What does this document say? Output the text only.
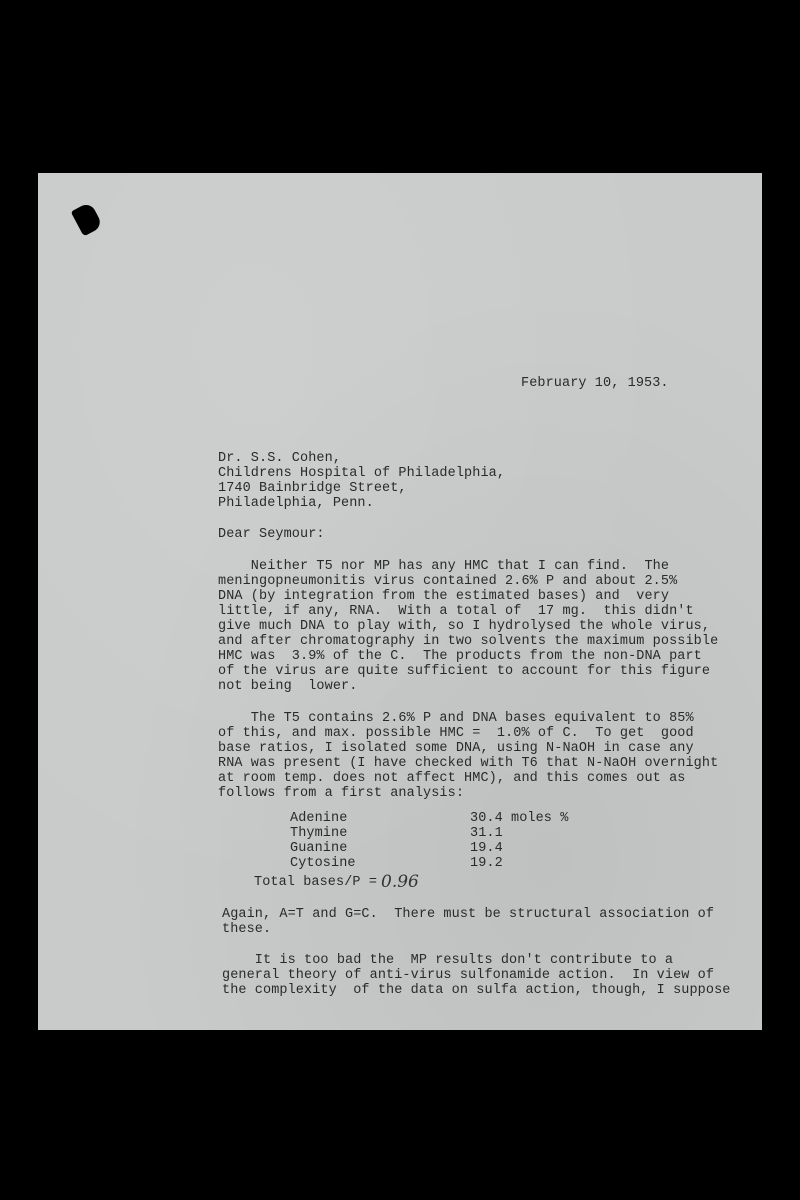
February 10, 1953.
Dr. S.S. Cohen,
Childrens Hospital of Philadelphia,
1740 Bainbridge Street,
Philadelphia, Penn.
Dear Seymour:
Neither T5 nor MP has any HMC that I can find.  The
meningopneumonitis virus contained 2.6% P and about 2.5%
DNA (by integration from the estimated bases) and  very
little, if any, RNA.  With a total of  17 mg.  this didn't
give much DNA to play with, so I hydrolysed the whole virus,
and after chromatography in two solvents the maximum possible
HMC was  3.9% of the C.  The products from the non-DNA part
of the virus are quite sufficient to account for this figure
not being  lower.
The T5 contains 2.6% P and DNA bases equivalent to 85%
of this, and max. possible HMC =  1.0% of C.  To get  good
base ratios, I isolated some DNA, using N-NaOH in case any
RNA was present (I have checked with T6 that N-NaOH overnight
at room temp. does not affect HMC), and this comes out as
follows from a first analysis:
Adenine	30.4 moles %
Thymine	31.1
Guanine	19.4
Cytosine	19.2
Total bases/P = 0.96
Again, A=T and G=C.  There must be structural association of
these.
It is too bad the  MP results don't contribute to a
general theory of anti-virus sulfonamide action.  In view of
the complexity  of the data on sulfa action, though, I suppose
